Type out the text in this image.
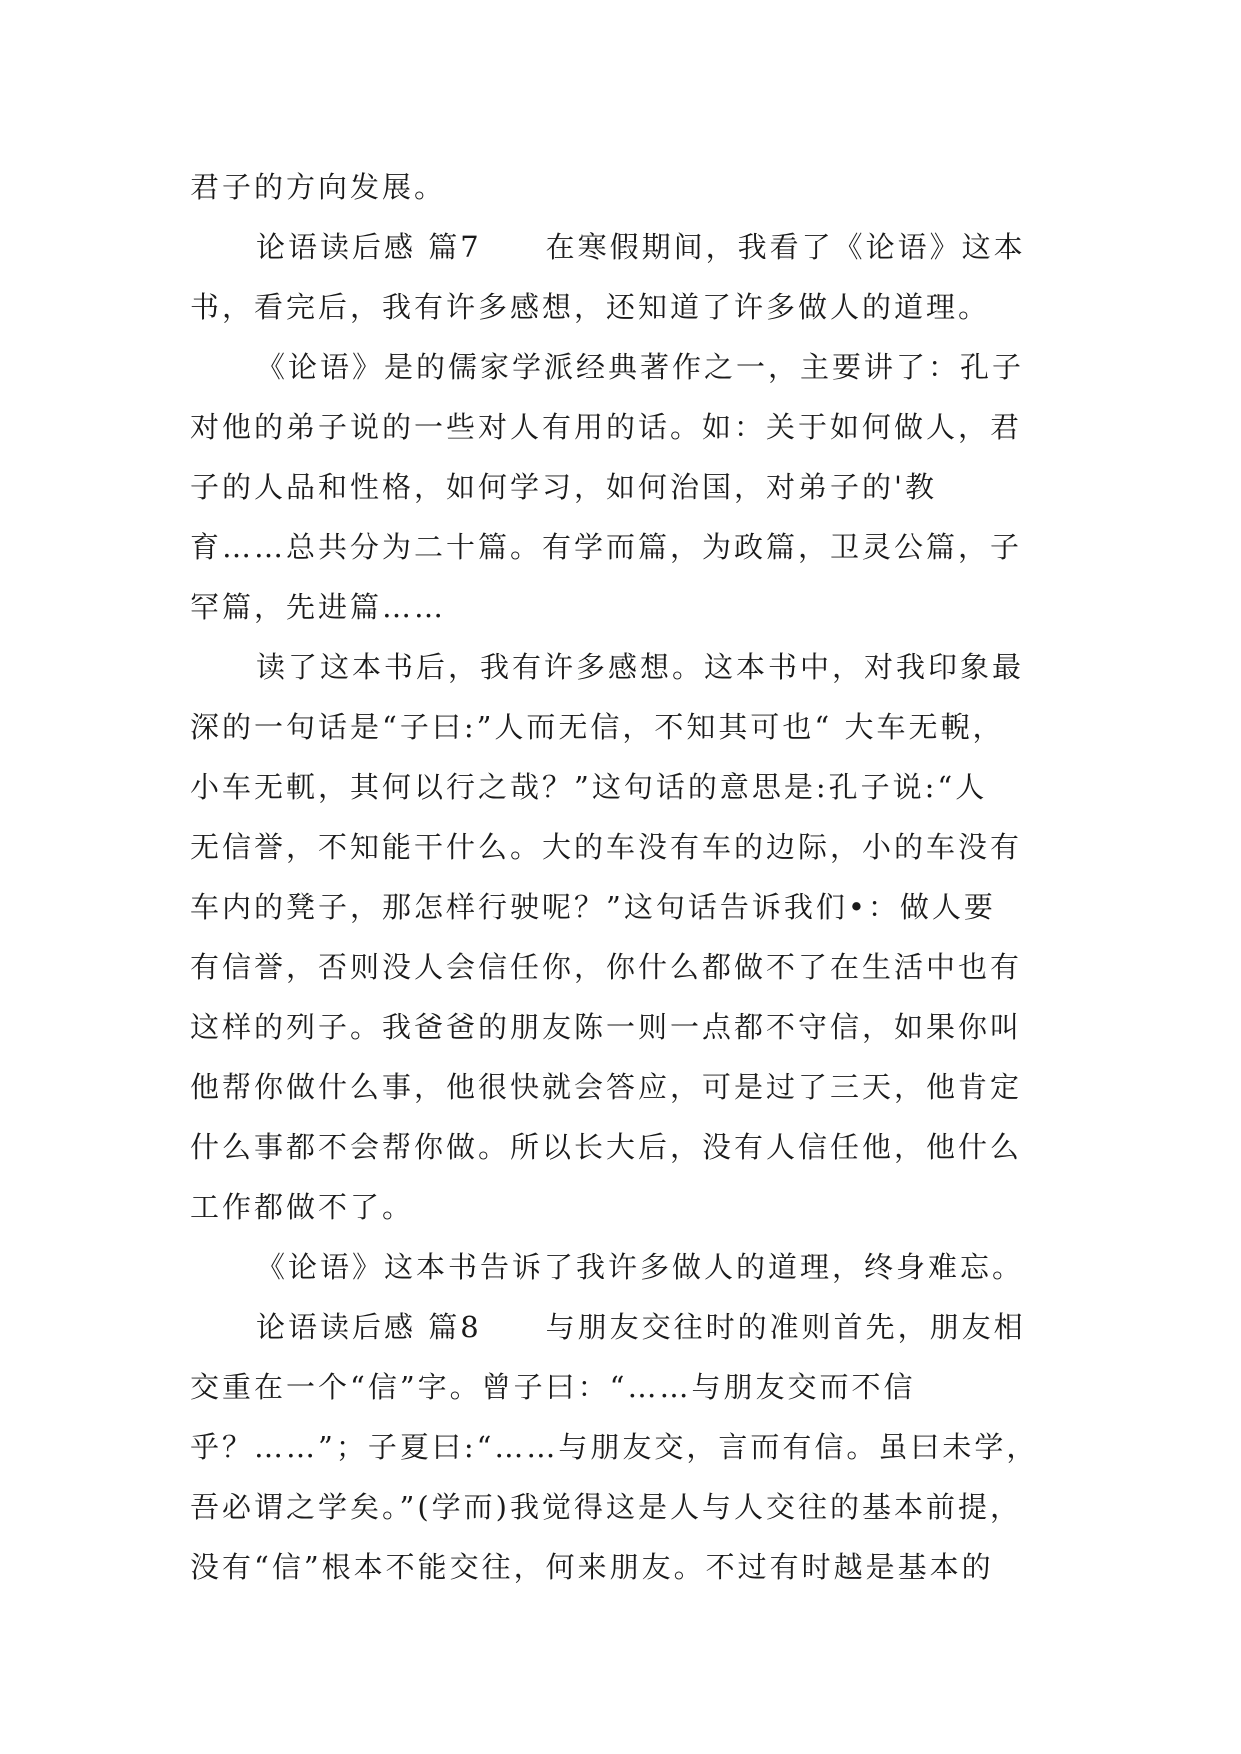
君子的方向发展。
论语读后感 篇7　　在寒假期间，我看了《论语》这本
书，看完后，我有许多感想，还知道了许多做人的道理。
《论语》是的儒家学派经典著作之一，主要讲了：孔子
对他的弟子说的一些对人有用的话。如：关于如何做人，君
子的人品和性格，如何学习，如何治国，对弟子的'教
育……总共分为二十篇。有学而篇，为政篇，卫灵公篇，子
罕篇，先进篇……
读了这本书后，我有许多感想。这本书中，对我印象最
深的一句话是“子曰:”人而无信，不知其可也“ 大车无輗，
小车无軏，其何以行之哉？”这句话的意思是:孔子说:“人
无信誉，不知能干什么。大的车没有车的边际，小的车没有
车内的凳子，那怎样行驶呢？”这句话告诉我们•：做人要
有信誉，否则没人会信任你，你什么都做不了在生活中也有
这样的列子。我爸爸的朋友陈一则一点都不守信，如果你叫
他帮你做什么事，他很快就会答应，可是过了三天，他肯定
什么事都不会帮你做。所以长大后，没有人信任他，他什么
工作都做不了。
《论语》这本书告诉了我许多做人的道理，终身难忘。
论语读后感 篇8　　与朋友交往时的准则首先，朋友相
交重在一个“信”字。曾子曰：“……与朋友交而不信
乎？……”；子夏曰:“……与朋友交，言而有信。虽曰未学，
吾必谓之学矣。”(学而)我觉得这是人与人交往的基本前提，
没有“信”根本不能交往，何来朋友。不过有时越是基本的
